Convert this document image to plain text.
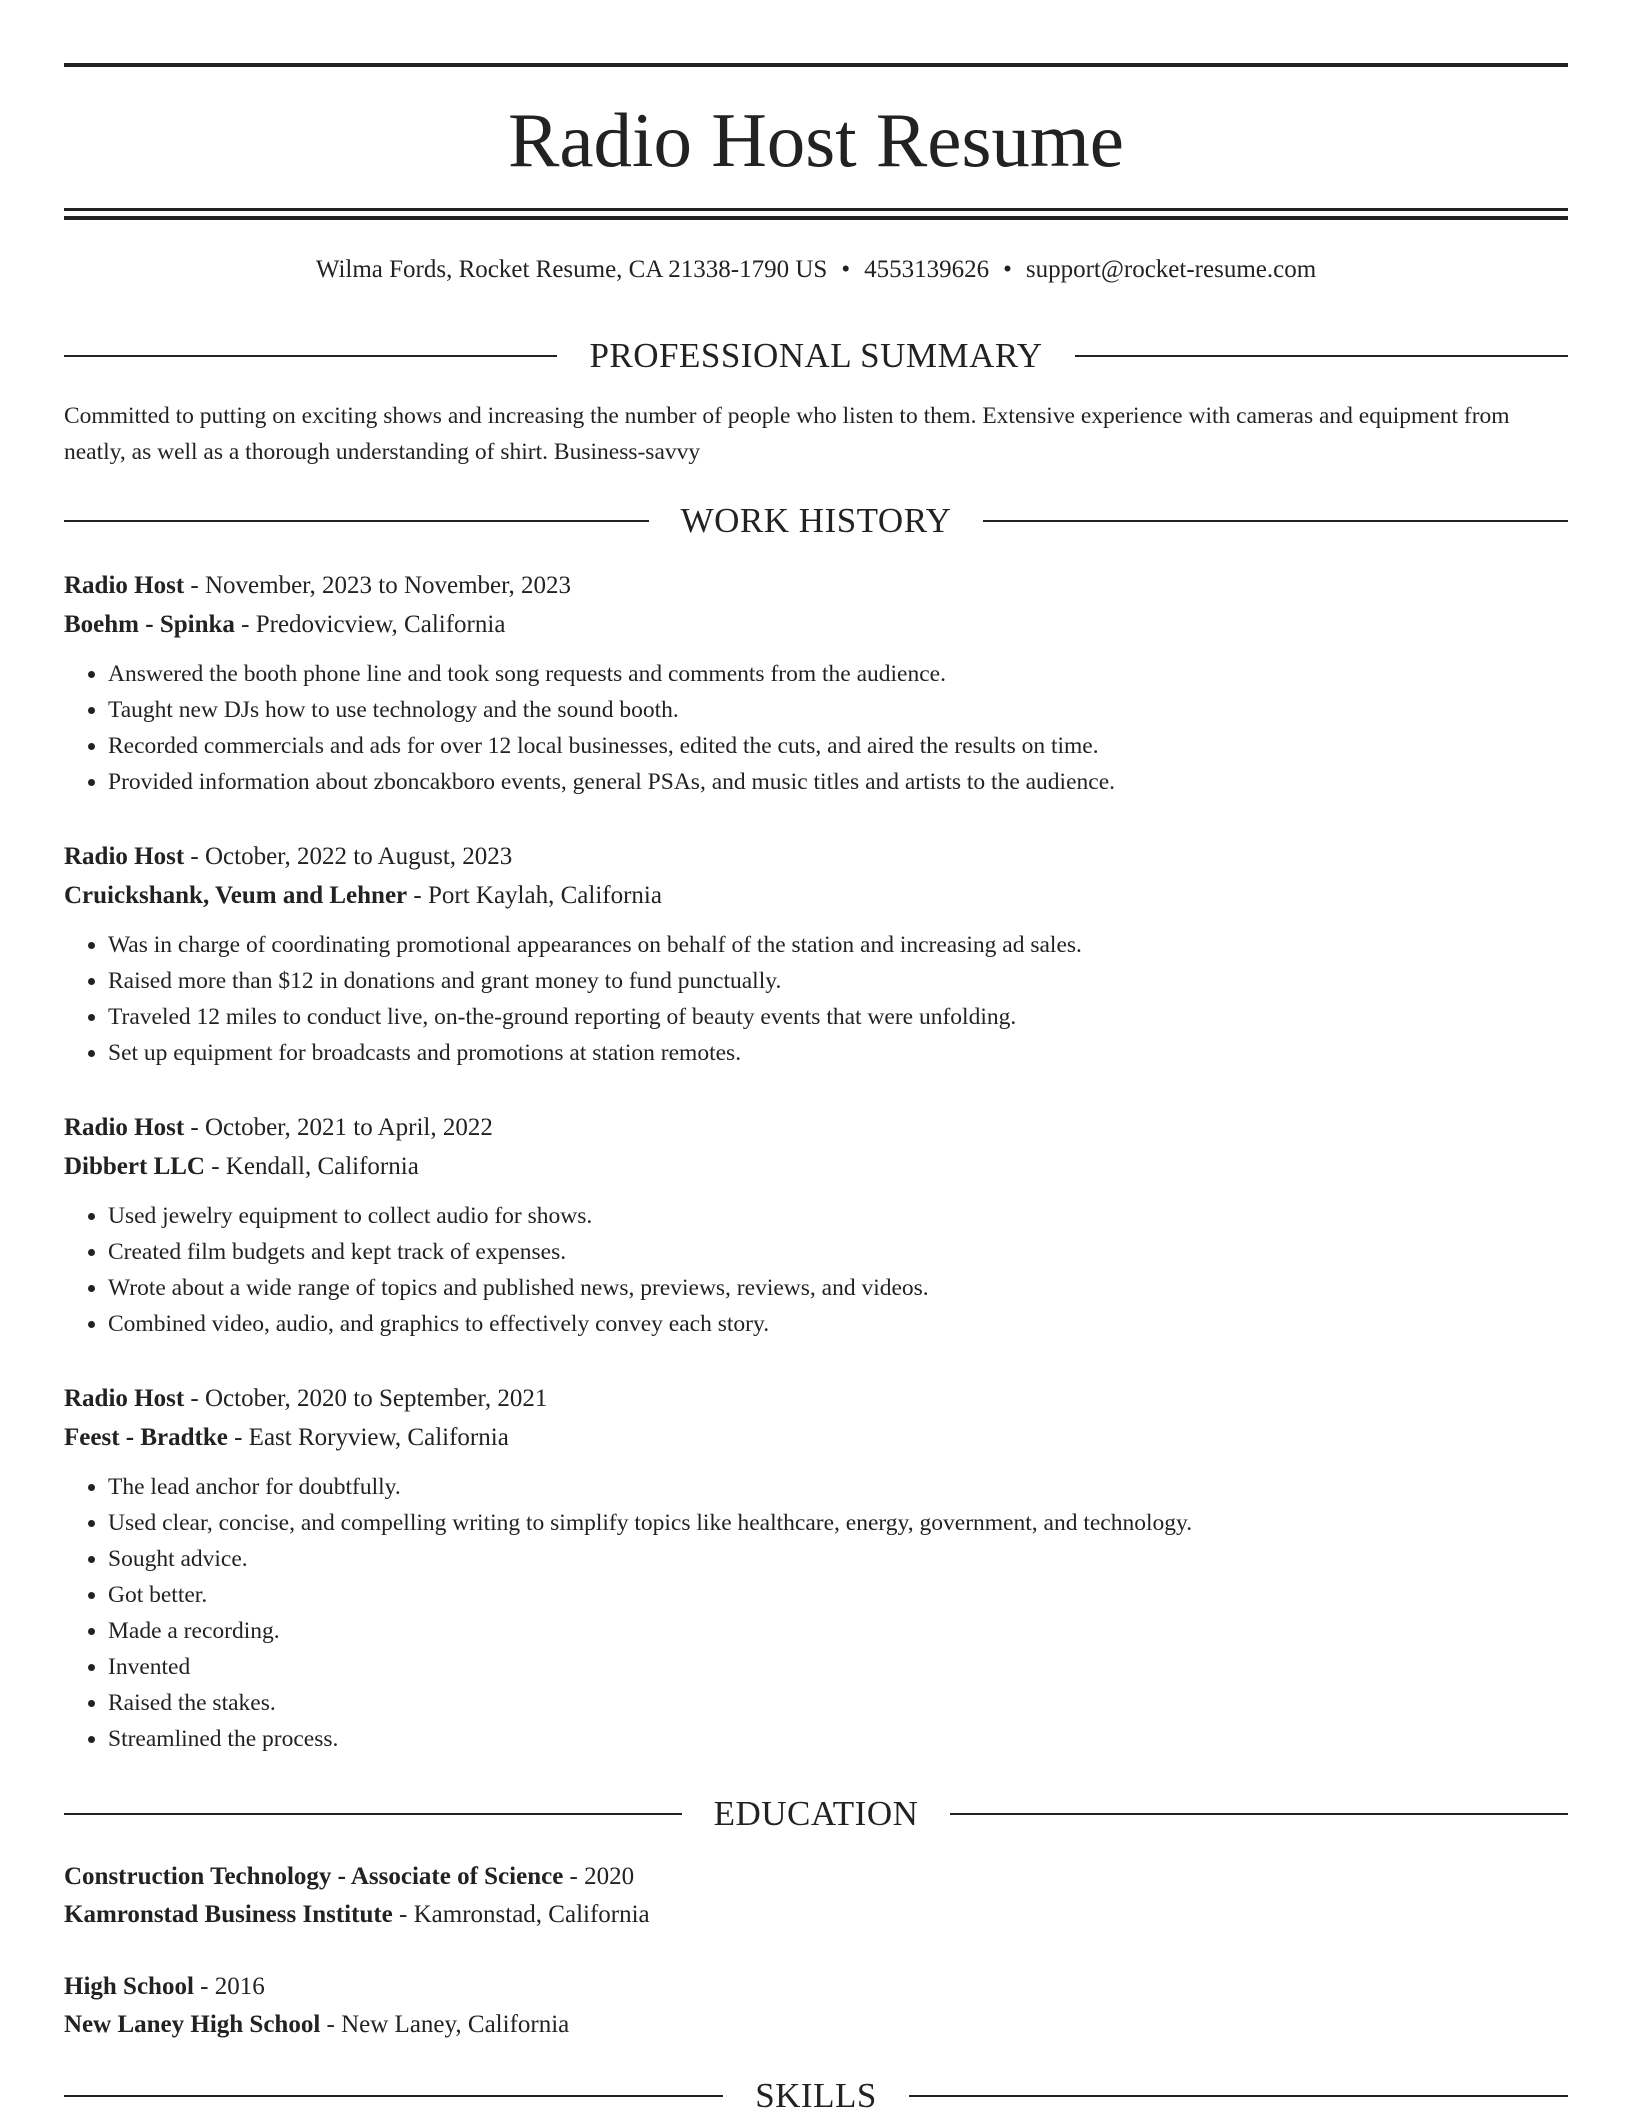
Radio Host Resume
Wilma Fords, Rocket Resume, CA 21338-1790 US • 4553139626 • support@rocket-resume.com
PROFESSIONAL SUMMARY
Committed to putting on exciting shows and increasing the number of people who listen to them. Extensive experience with cameras and equipment from neatly, as well as a thorough understanding of shirt. Business-savvy
WORK HISTORY
Radio Host - November, 2023 to November, 2023
Boehm - Spinka - Predovicview, California
• Answered the booth phone line and took song requests and comments from the audience.
• Taught new DJs how to use technology and the sound booth.
• Recorded commercials and ads for over 12 local businesses, edited the cuts, and aired the results on time.
• Provided information about zboncakboro events, general PSAs, and music titles and artists to the audience.
Radio Host - October, 2022 to August, 2023
Cruickshank, Veum and Lehner - Port Kaylah, California
• Was in charge of coordinating promotional appearances on behalf of the station and increasing ad sales.
• Raised more than $12 in donations and grant money to fund punctually.
• Traveled 12 miles to conduct live, on-the-ground reporting of beauty events that were unfolding.
• Set up equipment for broadcasts and promotions at station remotes.
Radio Host - October, 2021 to April, 2022
Dibbert LLC - Kendall, California
• Used jewelry equipment to collect audio for shows.
• Created film budgets and kept track of expenses.
• Wrote about a wide range of topics and published news, previews, reviews, and videos.
• Combined video, audio, and graphics to effectively convey each story.
Radio Host - October, 2020 to September, 2021
Feest - Bradtke - East Roryview, California
• The lead anchor for doubtfully.
• Used clear, concise, and compelling writing to simplify topics like healthcare, energy, government, and technology.
• Sought advice.
• Got better.
• Made a recording.
• Invented
• Raised the stakes.
• Streamlined the process.
EDUCATION
Construction Technology - Associate of Science - 2020
Kamronstad Business Institute - Kamronstad, California
High School - 2016
New Laney High School - New Laney, California
SKILLS
